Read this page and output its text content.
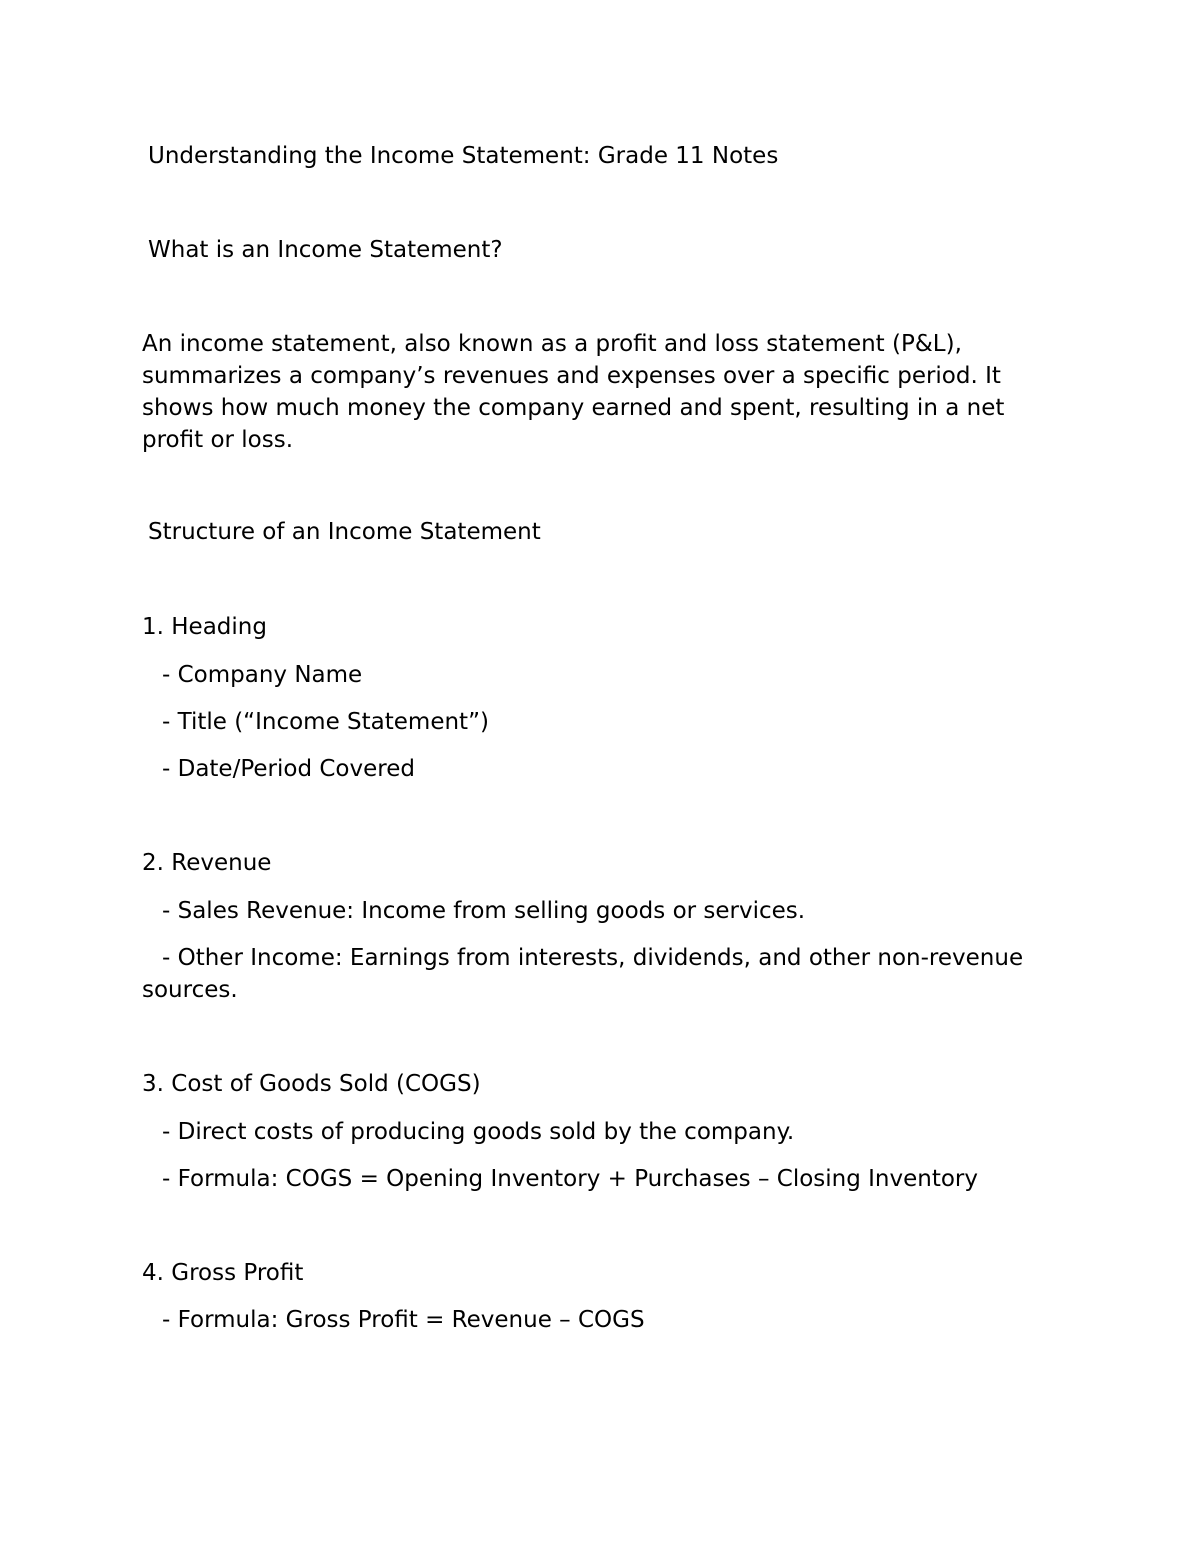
Understanding the Income Statement: Grade 11 Notes
What is an Income Statement?
An income statement, also known as a profit and loss statement (P&L), summarizes a company’s revenues and expenses over a specific period. It shows how much money the company earned and spent, resulting in a net profit or loss.
Structure of an Income Statement
1. Heading
- Company Name
- Title (“Income Statement”)
- Date/Period Covered
2. Revenue
- Sales Revenue: Income from selling goods or services.
- Other Income: Earnings from interests, dividends, and other non-revenue
sources.
3. Cost of Goods Sold (COGS)
- Direct costs of producing goods sold by the company.
- Formula: COGS = Opening Inventory + Purchases – Closing Inventory
4. Gross Profit
- Formula: Gross Profit = Revenue – COGS
